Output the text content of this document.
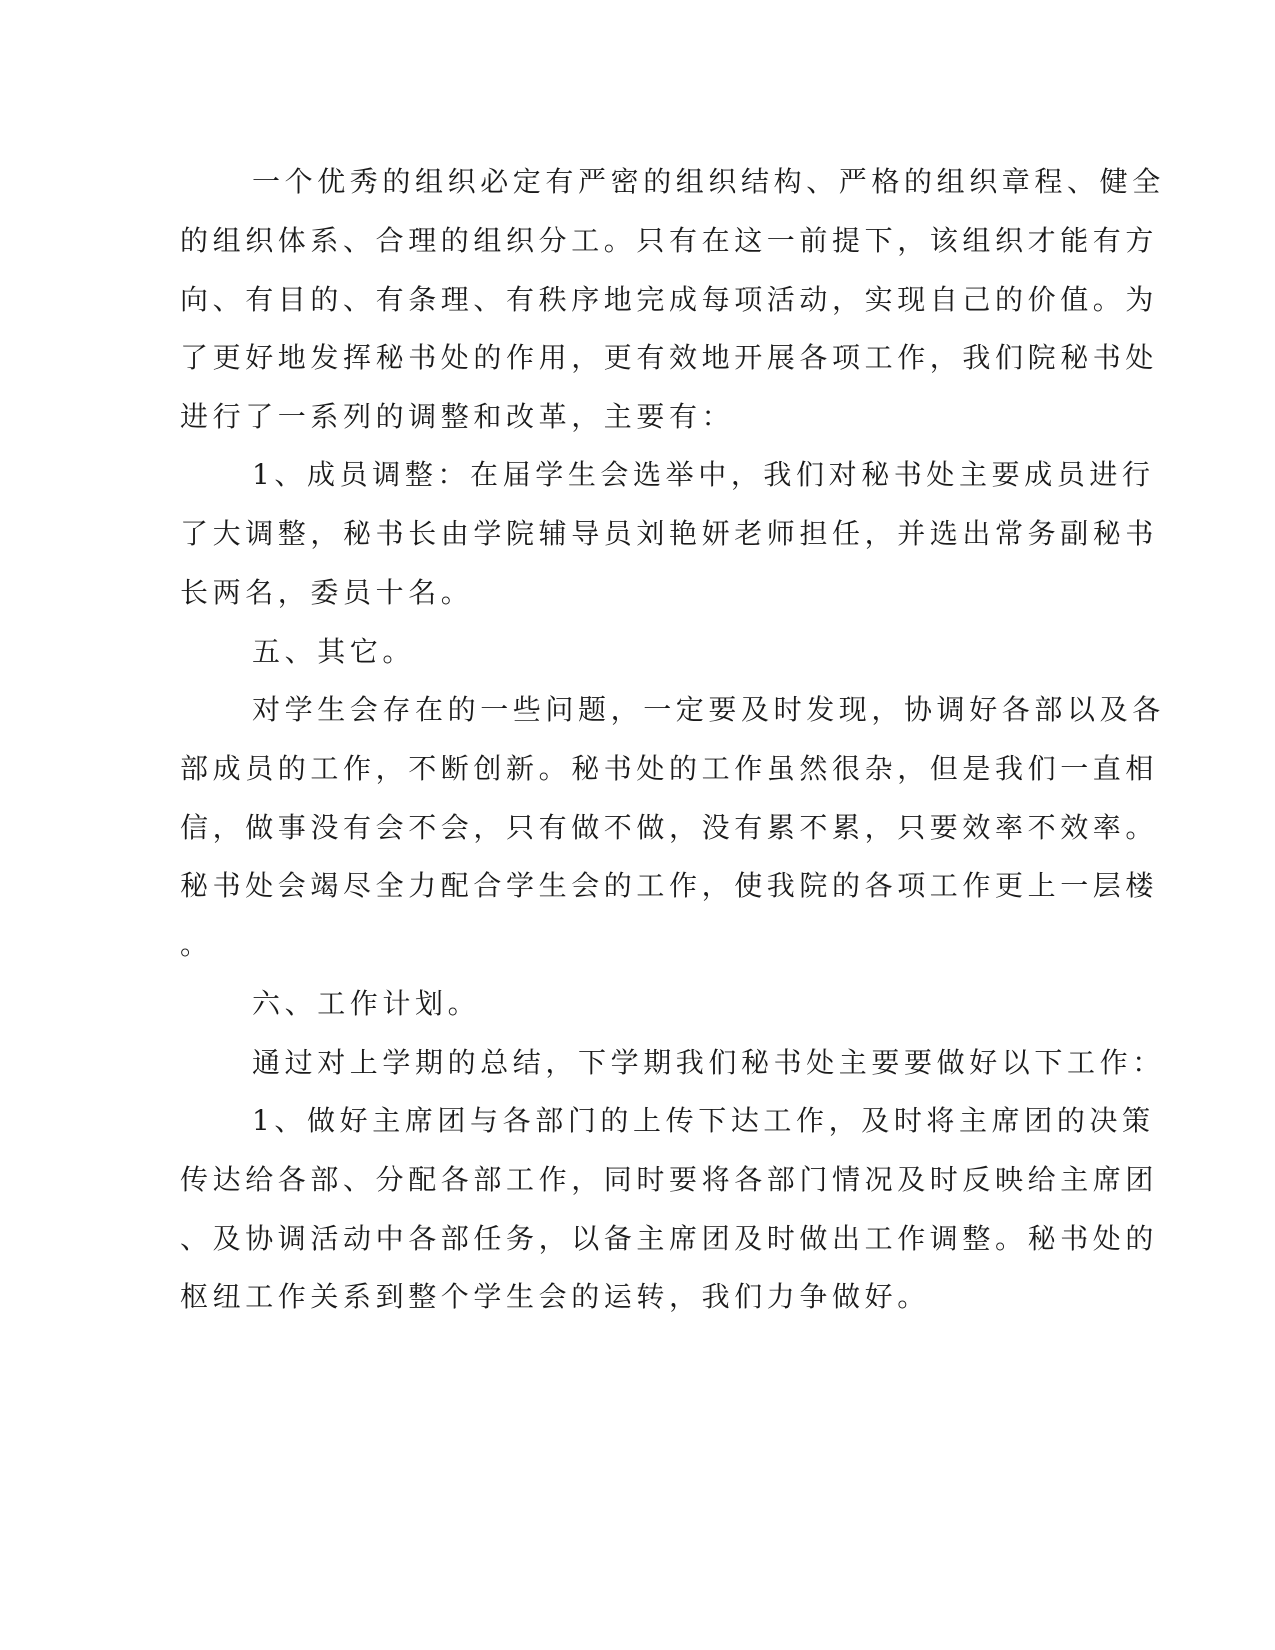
一个优秀的组织必定有严密的组织结构、严格的组织章程、健全
的组织体系、合理的组织分工。只有在这一前提下，该组织才能有方
向、有目的、有条理、有秩序地完成每项活动，实现自己的价值。为
了更好地发挥秘书处的作用，更有效地开展各项工作，我们院秘书处
进行了一系列的调整和改革，主要有：
1、成员调整：在届学生会选举中，我们对秘书处主要成员进行
了大调整，秘书长由学院辅导员刘艳妍老师担任，并选出常务副秘书
长两名，委员十名。
五、其它。
对学生会存在的一些问题，一定要及时发现，协调好各部以及各
部成员的工作，不断创新。秘书处的工作虽然很杂，但是我们一直相
信，做事没有会不会，只有做不做，没有累不累，只要效率不效率。
秘书处会竭尽全力配合学生会的工作，使我院的各项工作更上一层楼
。
六、工作计划。
通过对上学期的总结，下学期我们秘书处主要要做好以下工作：
1、做好主席团与各部门的上传下达工作，及时将主席团的决策
传达给各部、分配各部工作，同时要将各部门情况及时反映给主席团
、及协调活动中各部任务，以备主席团及时做出工作调整。秘书处的
枢纽工作关系到整个学生会的运转，我们力争做好。
